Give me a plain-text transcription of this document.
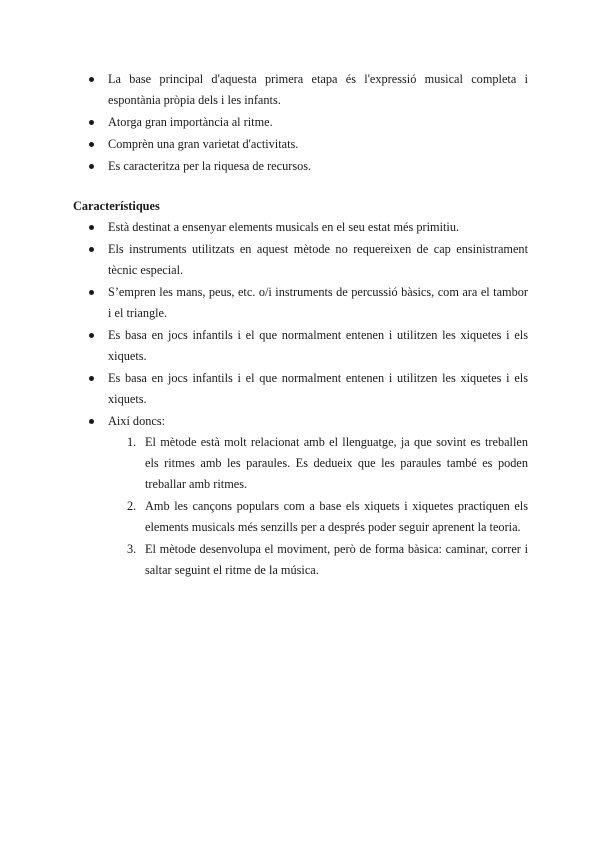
La base principal d'aquesta primera etapa és l'expressió musical completa i espontània pròpia dels i les infants.
Atorga gran importància al ritme.
Comprèn una gran varietat d'activitats.
Es caracteritza per la riquesa de recursos.
Característiques
Està destinat a ensenyar elements musicals en el seu estat més primitiu.
Els instruments utilitzats en aquest mètode no requereixen de cap ensinistrament tècnic especial.
S’empren les mans, peus, etc. o/i instruments de percussió bàsics, com ara el tambor i el triangle.
Es basa en jocs infantils i el que normalment entenen i utilitzen les xiquetes i els xiquets.
Es basa en jocs infantils i el que normalment entenen i utilitzen les xiquetes i els xiquets.
Així doncs:
1. El mètode està molt relacionat amb el llenguatge, ja que sovint es treballen els ritmes amb les paraules. Es dedueix que les paraules també es poden treballar amb ritmes.
2. Amb les cançons populars com a base els xiquets i xiquetes practiquen els elements musicals més senzills per a després poder seguir aprenent la teoria.
3. El mètode desenvolupa el moviment, però de forma bàsica: caminar, correr i saltar seguint el ritme de la música.
